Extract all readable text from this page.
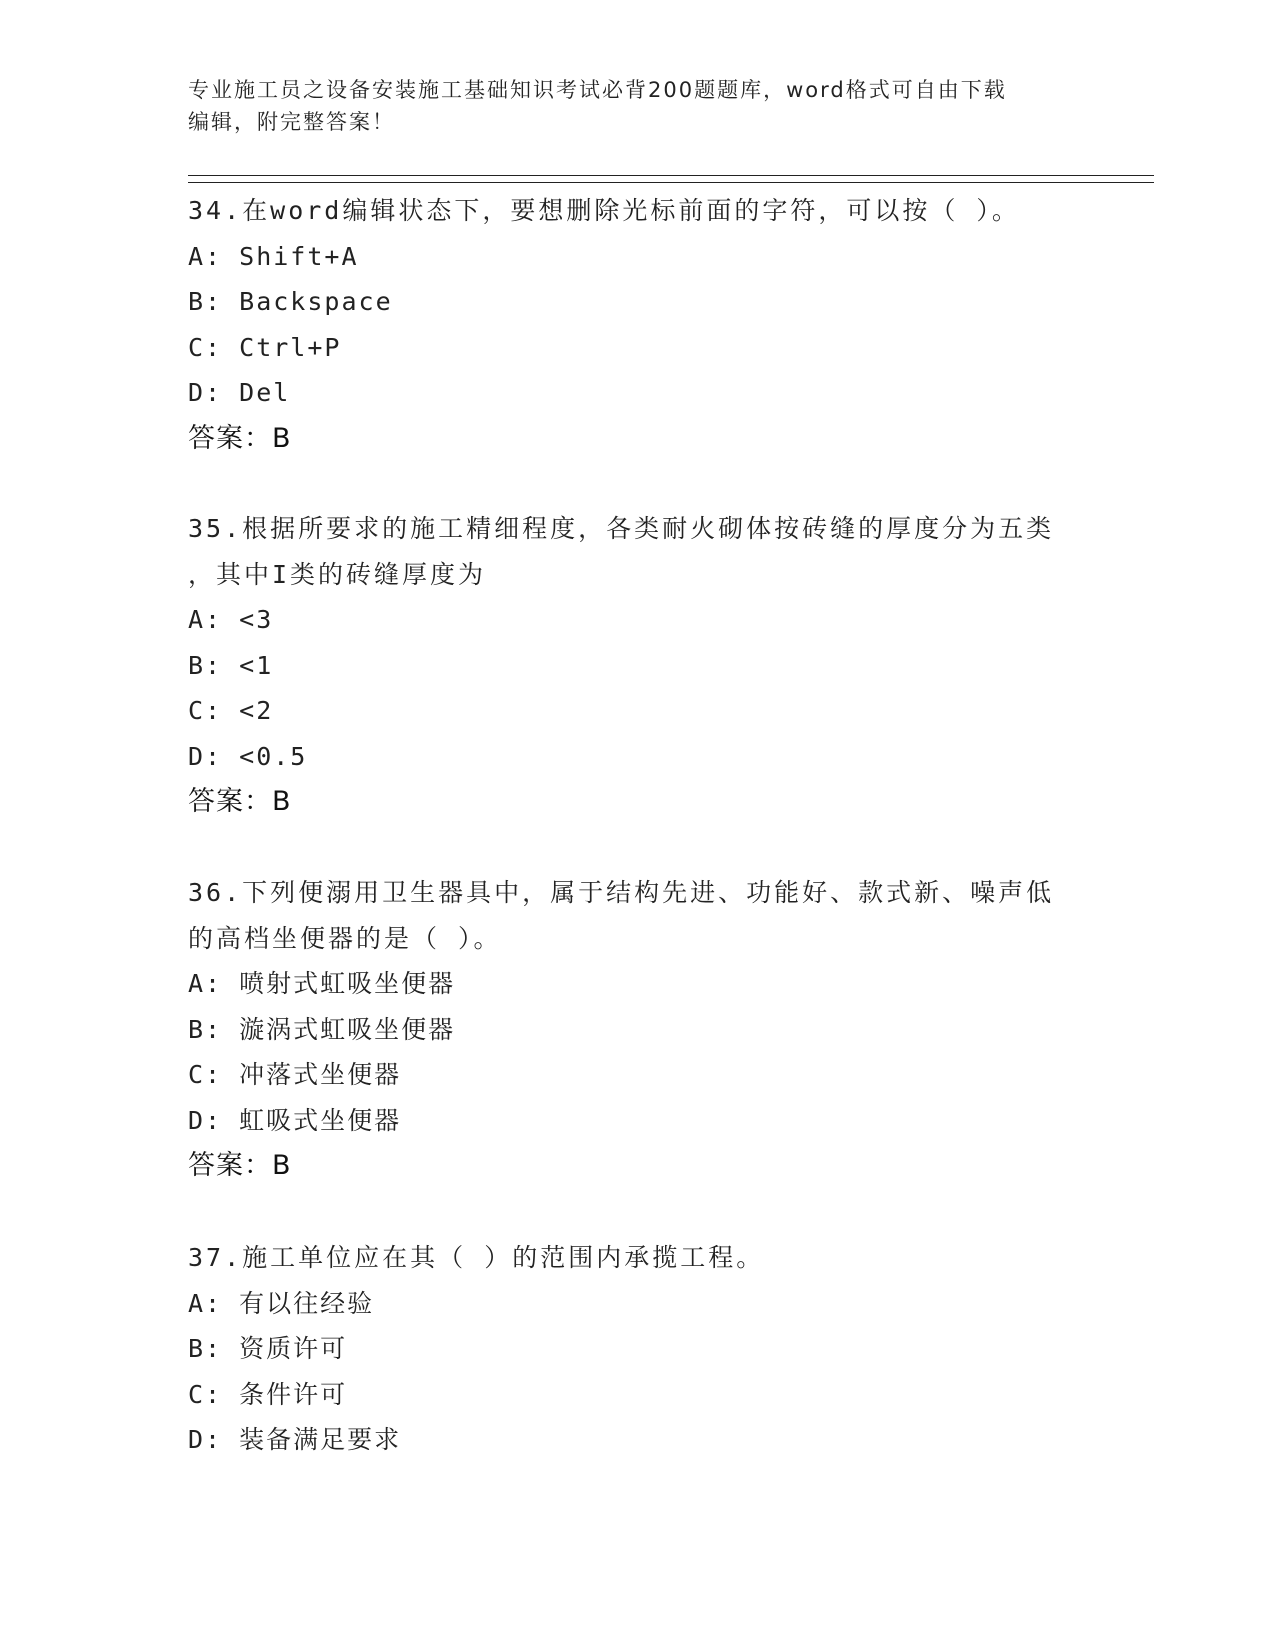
专业施工员之设备安装施工基础知识考试必背200题题库，word格式可自由下载
编辑，附完整答案！
34.在word编辑状态下，要想删除光标前面的字符，可以按（ ）。
A: Shift+A
B: Backspace
C: Ctrl+P
D: Del
答案：B
35.根据所要求的施工精细程度，各类耐火砌体按砖缝的厚度分为五类
，其中I类的砖缝厚度为
A: <3
B: <1
C: <2
D: <0.5
答案：B
36.下列便溺用卫生器具中，属于结构先进、功能好、款式新、噪声低
的高档坐便器的是（ ）。
A: 喷射式虹吸坐便器
B: 漩涡式虹吸坐便器
C: 冲落式坐便器
D: 虹吸式坐便器
答案：B
37.施工单位应在其（ ）的范围内承揽工程。
A: 有以往经验
B: 资质许可
C: 条件许可
D: 装备满足要求
